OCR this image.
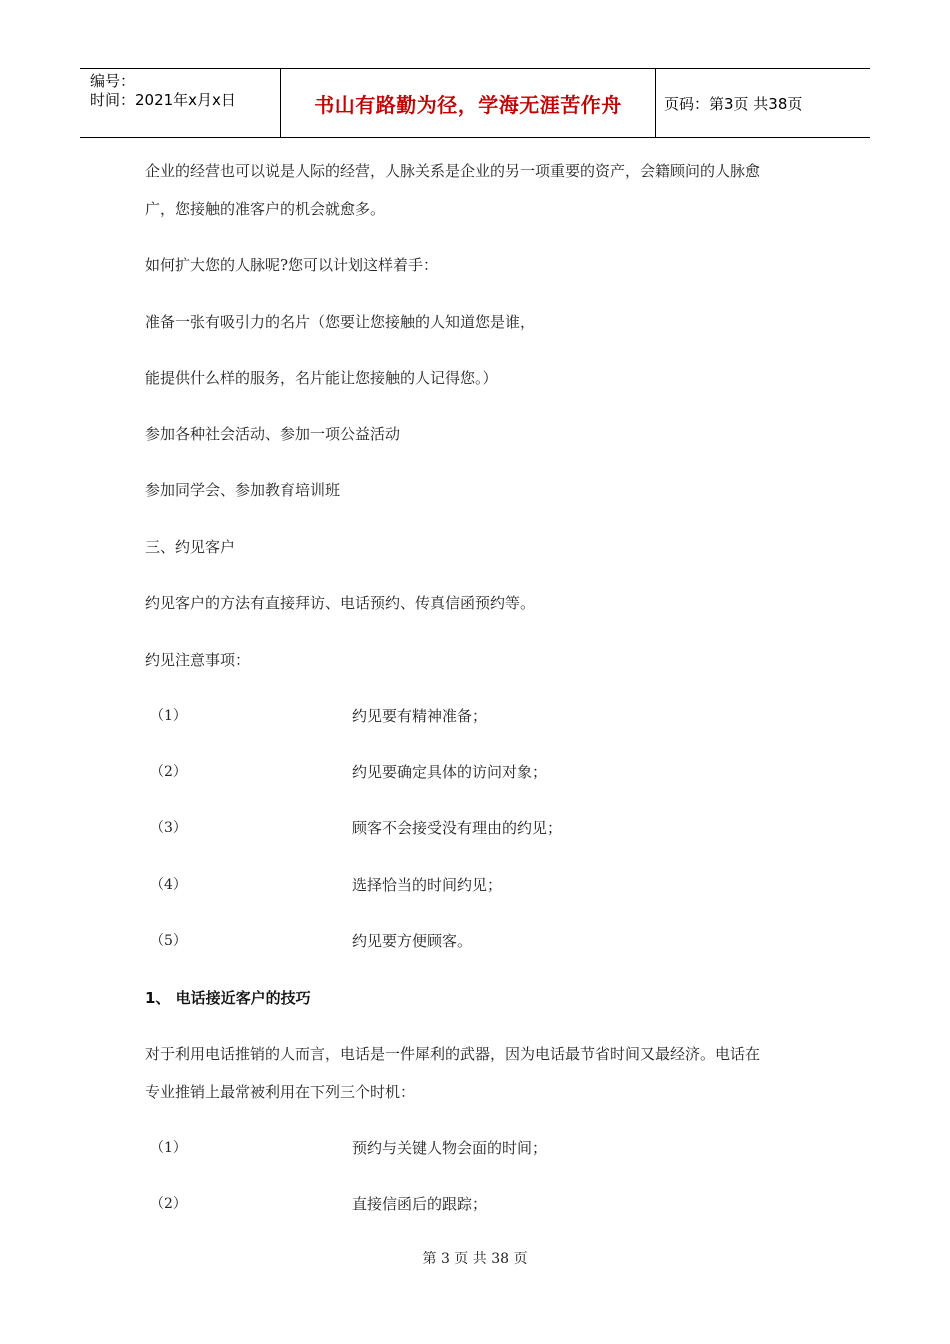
编号：
时间：2021年x月x日	书山有路勤为径，学海无涯苦作舟	页码：第3页 共38页
企业的经营也可以说是人际的经营，人脉关系是企业的另一项重要的资产，会籍顾问的人脉愈
广，您接触的准客户的机会就愈多。
如何扩大您的人脉呢?您可以计划这样着手：
准备一张有吸引力的名片（您要让您接触的人知道您是谁，
能提供什么样的服务，名片能让您接触的人记得您。）
参加各种社会活动、参加一项公益活动
参加同学会、参加教育培训班
三、约见客户
约见客户的方法有直接拜访、电话预约、传真信函预约等。
约见注意事项：
（1）	约见要有精神准备；
（2）	约见要确定具体的访问对象；
（3）	顾客不会接受没有理由的约见；
（4）	选择恰当的时间约见；
（5）	约见要方便顾客。
1、 电话接近客户的技巧
对于利用电话推销的人而言，电话是一件犀利的武器，因为电话最节省时间又最经济。电话在
专业推销上最常被利用在下列三个时机：
（1）	预约与关键人物会面的时间；
（2）	直接信函后的跟踪；
第 3 页 共 38 页
